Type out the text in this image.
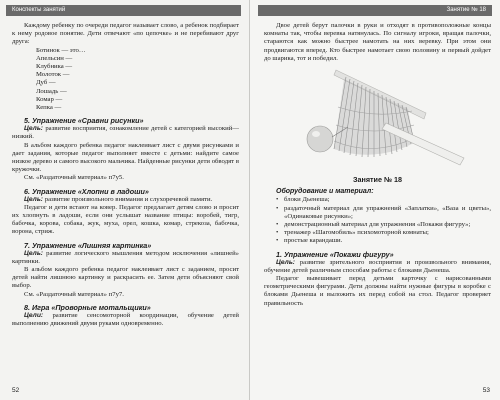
Конспекты занятий

Каждому ребенку по очереди педагог называет слово, а ребенок подбирает к нему родовое понятие. Дети отвечают «по цепочке» и не перебивают друг друга:

Ботинок — это…
Апельсин —
Клубника —
Молоток —
Дуб —
Лошадь —
Комар —
Кепка —
5. Упражнение «Сравни рисунки»

Цель: развитие восприятия, ознакомление детей с категорией высокий—низкий.

В альбом каждого ребенка педагог наклеивает лист с двумя рисунками и дает задания, которые педагог выполняет вместе с детьми: найдите самое низкое дерево и самого высокого мальчика. Найденные рисунки дети обводят в кружочки.

См. «Раздаточный материал» п7у5.

6. Упражнение «Хлопни в ладоши»

Цель: развитие произвольного внимания и слухоречевой памяти.

Педагог и дети встают на ковер. Педагог предлагает детям слово и просит их хлопнуть в ладоши, если они услышат название птицы: воробей, тигр, бабочка, корова, собака, жук, муха, орел, кошка, комар, стрекоза, бабочка, ворона, стриж.

7. Упражнение «Лишняя картинка»

Цель: развитие логического мышления методом исключения «лишней» картинки.

В альбом каждого ребенка педагог наклеивает лист с заданием, просит детей найти лишнюю картинку и раскрасить ее. Затем дети объясняют свой выбор.

См. «Раздаточный материал» п7у7.

8. Игра «Проворные мотальщики»

Цели: развитие сенсомоторной координации, обучение детей выполнению движений двумя руками одновременно.

52
Занятие № 18

Двое детей берут палочки в руки и отходят в противоположные концы комнаты так, чтобы веревка натянулась. По сигналу игроки, вращая палочки, стараются как можно быстрее намотать на них веревку. При этом они продвигаются вперед. Кто быстрее намотает свою половину и первый дойдет до шарика, тот и победил.

Занятие № 18
Оборудование и материал:
• блоки Дьенеша;
• раздаточный материал для упражнений «Заплатки», «Ваза и цветы», «Одинаковые рисунки»;
• демонстрационный материал для упражнения «Покажи фигуру»;
• тренажер «Шагомобиль» психомоторной комнаты;
• простые карандаши.
1. Упражнение «Покажи фигуру»

Цель: развитие зрительного восприятия и произвольного внимания, обучение детей различным способам работы с блоками Дьенеша.

Педагог вывешивает перед детьми карточку с нарисованными геометрическими фигурами. Дети должны найти нужные фигуры в коробке с блоками Дьенеша и выложить их перед собой на стол. Педагог проверяет правильность

53
